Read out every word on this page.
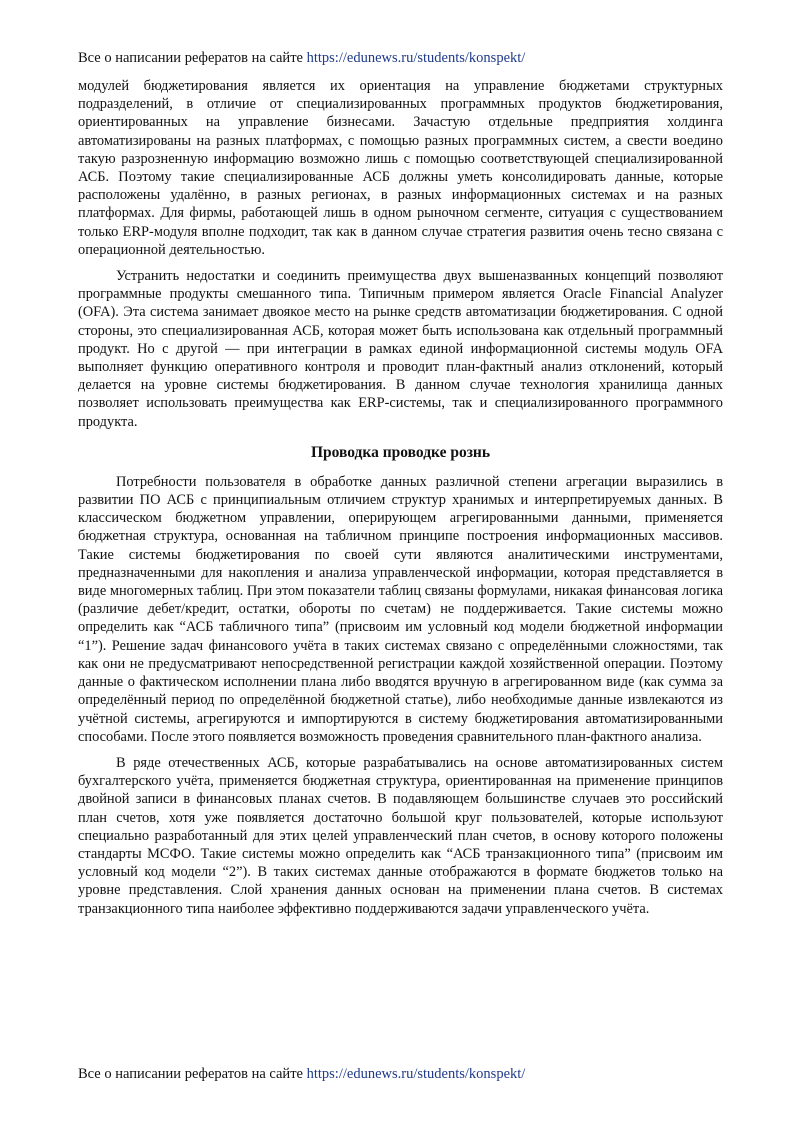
Все о написании рефератов на сайте https://edunews.ru/students/konspekt/

модулей бюджетирования является их ориентация на управление бюджетами структурных подразделений, в отличие от специализированных программных продуктов бюджетирования, ориентированных на управление бизнесами. Зачастую отдельные предприятия холдинга автоматизированы на разных платформах, с помощью разных программных систем, а свести воедино такую разрозненную информацию возможно лишь с помощью соответствующей специализированной АСБ. Поэтому такие специализированные АСБ должны уметь консолидировать данные, которые расположены удалённо, в разных регионах, в разных информационных системах и на разных платформах. Для фирмы, работающей лишь в одном рыночном сегменте, ситуация с существованием только ERP-модуля вполне подходит, так как в данном случае стратегия развития очень тесно связана с операционной деятельностью.

Устранить недостатки и соединить преимущества двух вышеназванных концепций позволяют программные продукты смешанного типа. Типичным примером является Oracle Financial Analyzer (OFA). Эта система занимает двоякое место на рынке средств автоматизации бюджетирования. С одной стороны, это специализированная АСБ, которая может быть использована как отдельный программный продукт. Но с другой — при интеграции в рамках единой информационной системы модуль OFA выполняет функцию оперативного контроля и проводит план-фактный анализ отклонений, который делается на уровне системы бюджетирования. В данном случае технология хранилища данных позволяет использовать преимущества как ERP-системы, так и специализированного программного продукта.

Проводка проводке рознь

Потребности пользователя в обработке данных различной степени агрегации выразились в развитии ПО АСБ с принципиальным отличием структур хранимых и интерпретируемых данных. В классическом бюджетном управлении, оперирующем агрегированными данными, применяется бюджетная структура, основанная на табличном принципе построения информационных массивов. Такие системы бюджетирования по своей сути являются аналитическими инструментами, предназначенными для накопления и анализа управленческой информации, которая представляется в виде многомерных таблиц. При этом показатели таблиц связаны формулами, никакая финансовая логика (различие дебет/кредит, остатки, обороты по счетам) не поддерживается. Такие системы можно определить как “АСБ табличного типа” (присвоим им условный код модели бюджетной информации “1”). Решение задач финансового учёта в таких системах связано с определёнными сложностями, так как они не предусматривают непосредственной регистрации каждой хозяйственной операции. Поэтому данные о фактическом исполнении плана либо вводятся вручную в агрегированном виде (как сумма за определённый период по определённой бюджетной статье), либо необходимые данные извлекаются из учётной системы, агрегируются и импортируются в систему бюджетирования автоматизированными способами. После этого появляется возможность проведения сравнительного план-фактного анализа.

В ряде отечественных АСБ, которые разрабатывались на основе автоматизированных систем бухгалтерского учёта, применяется бюджетная структура, ориентированная на применение принципов двойной записи в финансовых планах счетов. В подавляющем большинстве случаев это российский план счетов, хотя уже появляется достаточно большой круг пользователей, которые используют специально разработанный для этих целей управленческий план счетов, в основу которого положены стандарты МСФО. Такие системы можно определить как “АСБ транзакционного типа” (присвоим им условный код модели “2”). В таких системах данные отображаются в формате бюджетов только на уровне представления. Слой хранения данных основан на применении плана счетов. В системах транзакционного типа наиболее эффективно поддерживаются задачи управленческого учёта.

Все о написании рефератов на сайте https://edunews.ru/students/konspekt/
